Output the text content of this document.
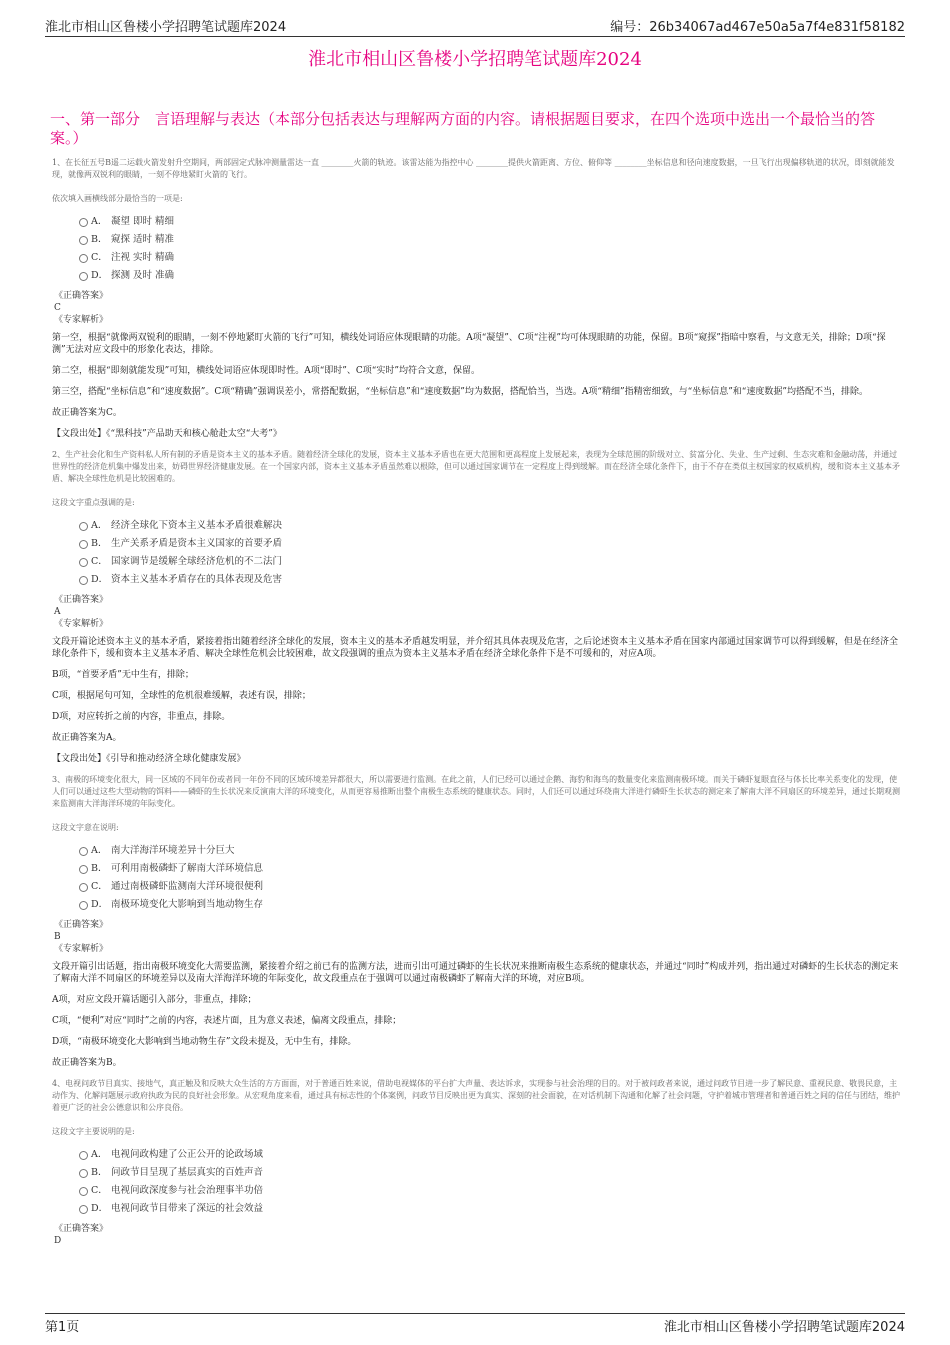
淮北市相山区鲁楼小学招聘笔试题库2024	编号：26b34067ad467e50a5a7f4e831f58182
淮北市相山区鲁楼小学招聘笔试题库2024
一、第一部分　言语理解与表达（本部分包括表达与理解两方面的内容。请根据题目要求，在四个选项中选出一个最恰当的答案。）
1、在长征五号B遥二运载火箭发射升空期间，两部固定式脉冲测量雷达一直 ________火箭的轨迹。该雷达能为指控中心 ________提供火箭距离、方位、俯仰等 ________坐标信息和径向速度数据，一旦飞行出现偏移轨道的状况，即刻就能发现，就像两双锐利的眼睛，一刻不停地紧盯火箭的飞行。
依次填入画横线部分最恰当的一项是:
A． 凝望 即时 精细
B． 窥探 适时 精准
C． 注视 实时 精确
D． 探测 及时 准确
《正确答案》
C
《专家解析》
第一空，根据“就像两双锐利的眼睛，一刻不停地紧盯火箭的飞行”可知，横线处词语应体现眼睛的功能。A项“凝望”、C项“注视”均可体现眼睛的功能，保留。B项“窥探”指暗中察看，与文意无关，排除；D项“探测”无法对应文段中的形象化表达，排除。
第二空，根据“即刻就能发现”可知，横线处词语应体现即时性。A项“即时”、C项“实时”均符合文意，保留。
第三空，搭配“坐标信息”和“速度数据”。C项“精确”强调误差小，常搭配数据，“坐标信息”和“速度数据”均为数据，搭配恰当，当选。A项“精细”指精密细致，与“坐标信息”和“速度数据”均搭配不当，排除。
故正确答案为C。
【文段出处】《“黑科技”产品助天和核心舱赴太空“大考”》
2、生产社会化和生产资料私人所有制的矛盾是资本主义的基本矛盾。随着经济全球化的发展，资本主义基本矛盾也在更大范围和更高程度上发展起来，表现为全球范围的阶级对立、贫富分化、失业、生产过剩、生态灾难和金融动荡，并通过世界性的经济危机集中爆发出来，妨碍世界经济健康发展。在一个国家内部，资本主义基本矛盾虽然难以根除，但可以通过国家调节在一定程度上得到缓解。而在经济全球化条件下，由于不存在类似主权国家的权威机构，缓和资本主义基本矛盾、解决全球性危机是比较困难的。
这段文字重点强调的是:
A． 经济全球化下资本主义基本矛盾很难解决
B． 生产关系矛盾是资本主义国家的首要矛盾
C． 国家调节是缓解全球经济危机的不二法门
D． 资本主义基本矛盾存在的具体表现及危害
《正确答案》
A
《专家解析》
文段开篇论述资本主义的基本矛盾，紧接着指出随着经济全球化的发展，资本主义的基本矛盾越发明显，并介绍其具体表现及危害，之后论述资本主义基本矛盾在国家内部通过国家调节可以得到缓解，但是在经济全球化条件下，缓和资本主义基本矛盾、解决全球性危机会比较困难，故文段强调的重点为资本主义基本矛盾在经济全球化条件下是不可缓和的，对应A项。
B项，“首要矛盾”无中生有，排除；
C项，根据尾句可知，全球性的危机很难缓解，表述有误，排除；
D项，对应转折之前的内容，非重点，排除。
故正确答案为A。
【文段出处】《引导和推动经济全球化健康发展》
3、南极的环境变化很大，同一区域的不同年份或者同一年份不同的区域环境差异都很大，所以需要进行监测。在此之前，人们已经可以通过企鹅、海豹和海鸟的数量变化来监测南极环境。而关于磷虾复眼直径与体长比率关系变化的发现，使人们可以通过这些大型动物的饵料——磷虾的生长状况来反演南大洋的环境变化，从而更容易推断出整个南极生态系统的健康状态。同时，人们还可以通过环绕南大洋进行磷虾生长状态的测定来了解南大洋不同扇区的环境差异，通过长期观测来监测南大洋海洋环境的年际变化。
这段文字意在说明:
A． 南大洋海洋环境差异十分巨大
B． 可利用南极磷虾了解南大洋环境信息
C． 通过南极磷虾监测南大洋环境很便利
D． 南极环境变化大影响到当地动物生存
《正确答案》
B
《专家解析》
文段开篇引出话题，指出南极环境变化大需要监测，紧接着介绍之前已有的监测方法，进而引出可通过磷虾的生长状况来推断南极生态系统的健康状态，并通过“同时”构成并列，指出通过对磷虾的生长状态的测定来了解南大洋不同扇区的环境差异以及南大洋海洋环境的年际变化，故文段重点在于强调可以通过南极磷虾了解南大洋的环境，对应B项。
A项，对应文段开篇话题引入部分，非重点，排除；
C项，“便利”对应“同时”之前的内容，表述片面，且为意义表述，偏离文段重点，排除；
D项，“南极环境变化大影响到当地动物生存”文段未提及，无中生有，排除。
故正确答案为B。
4、电视问政节目真实、接地气，真正触及和反映大众生活的方方面面，对于普通百姓来说，借助电视媒体的平台扩大声量、表达诉求，实现参与社会治理的目的。对于被问政者来说，通过问政节目进一步了解民意、重视民意、敬畏民意，主动作为、化解问题展示政府执政为民的良好社会形象。从宏观角度来看，通过具有标志性的个体案例，问政节目反映出更为真实、深刻的社会面貌，在对话机制下沟通和化解了社会问题，守护着城市管理者和普通百姓之间的信任与团结，维护着更广泛的社会公德意识和公序良俗。
这段文字主要说明的是:
A． 电视问政构建了公正公开的论政场域
B． 问政节目呈现了基层真实的百姓声音
C． 电视问政深度参与社会治理事半功倍
D． 电视问政节目带来了深远的社会效益
《正确答案》
D
第1页	淮北市相山区鲁楼小学招聘笔试题库2024
